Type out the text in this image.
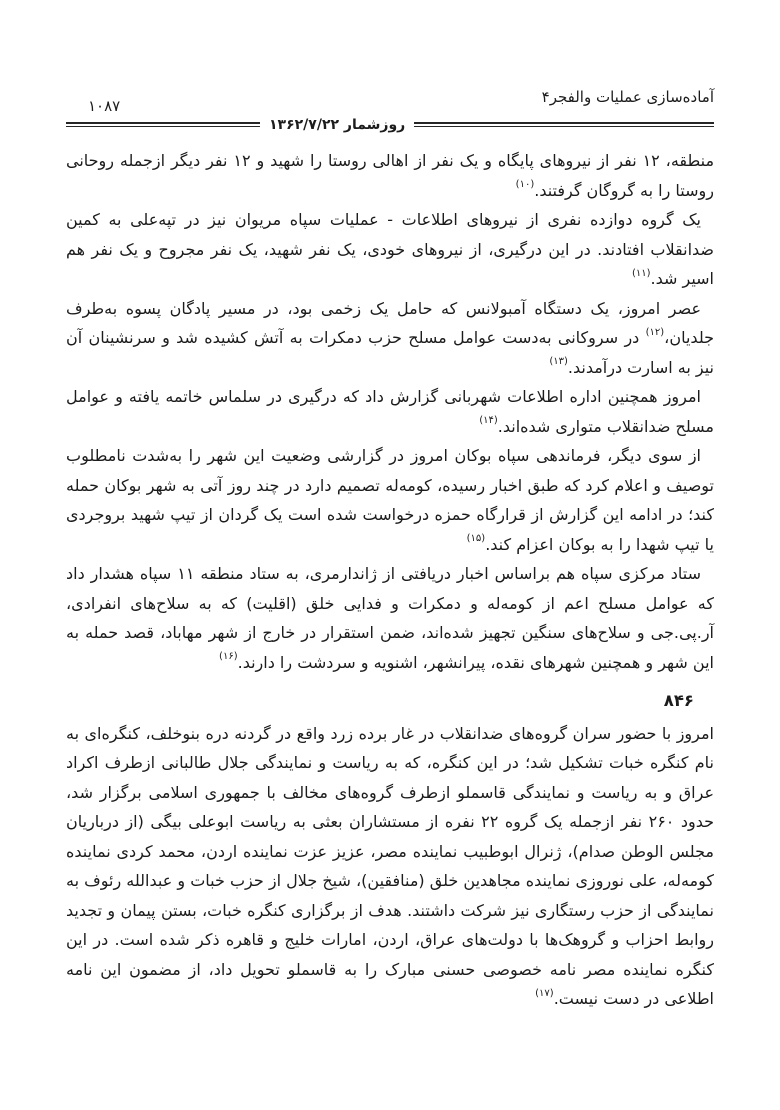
آماده‌سازی عملیات والفجر۴
۱۰۸۷
روزشمار ۱۳۶۲/۷/۲۲

منطقه، ۱۲ نفر از نیروهای پایگاه و یک نفر از اهالی روستا را شهید و ۱۲ نفر دیگر ازجمله روحانی روستا را به گروگان گرفتند.$^{(۱۰)}$

یک گروه دوازده نفری از نیروهای اطلاعات - عملیات سپاه مریوان نیز در تپه‌علی به کمین ضدانقلاب افتادند. در این درگیری، از نیروهای خودی، یک نفر شهید، یک نفر مجروح و یک نفر هم اسیر شد.$^{(۱۱)}$

عصر امروز، یک دستگاه آمبولانس که حامل یک زخمی بود، در مسیر پادگان پسوه به‌طرف جلدیان،$^{(۱۲)}$ در سروکانی به‌دست عوامل مسلح حزب دمکرات به آتش کشیده شد و سرنشینان آن نیز به اسارت درآمدند.$^{(۱۳)}$

امروز همچنین اداره اطلاعات شهربانی گزارش داد که درگیری در سلماس خاتمه یافته و عوامل مسلح ضدانقلاب متواری شده‌اند.$^{(۱۴)}$

از سوی دیگر، فرماندهی سپاه بوکان امروز در گزارشی وضعیت این شهر را به‌شدت نامطلوب توصیف و اعلام کرد که طبق اخبار رسیده، کومه‌له تصمیم دارد در چند روز آتی به شهر بوکان حمله کند؛ در ادامه این گزارش از قرارگاه حمزه درخواست شده است یک گردان از تیپ شهید بروجردی یا تیپ شهدا را به بوکان اعزام کند.$^{(۱۵)}$

ستاد مرکزی سپاه هم براساس اخبار دریافتی از ژاندارمری، به ستاد منطقه ۱۱ سپاه هشدار داد که عوامل مسلح اعم از کومه‌له و دمکرات و فدایی خلق (اقلیت) که به سلاح‌های انفرادی، آر.پی.جی و سلاح‌های سنگین تجهیز شده‌اند، ضمن استقرار در خارج از شهر مهاباد، قصد حمله به این شهر و همچنین شهرهای نقده، پیرانشهر، اشنویه و سردشت را دارند.$^{(۱۶)}$

۸۴۶

امروز با حضور سران گروه‌های ضدانقلاب در غار برده زرد واقع در گردنه دره بنوخلف، کنگره‌ای به نام کنگره خبات تشکیل شد؛ در این کنگره، که به ریاست و نمایندگی جلال طالبانی ازطرف اکراد عراق و به ریاست و نمایندگی قاسملو ازطرف گروه‌های مخالف با جمهوری اسلامی برگزار شد، حدود ۲۶۰ نفر ازجمله یک گروه ۲۲ نفره از مستشاران بعثی به ریاست ابوعلی بیگی (از درباریان مجلس الوطن صدام)، ژنرال ابوطبیب نماینده مصر، عزیز عزت نماینده اردن، محمد کردی نماینده کومه‌له، علی نوروزی نماینده مجاهدین خلق (منافقین)، شیخ جلال از حزب خبات و عبدالله رئوف به نمایندگی از حزب رستگاری نیز شرکت داشتند. هدف از برگزاری کنگره خبات، بستن پیمان و تجدید روابط احزاب و گروهک‌ها با دولت‌های عراق، اردن، امارات خلیج و قاهره ذکر شده است. در این کنگره نماینده مصر نامه خصوصی حسنی مبارک را به قاسملو تحویل داد، از مضمون این نامه اطلاعی در دست نیست.$^{(۱۷)}$
